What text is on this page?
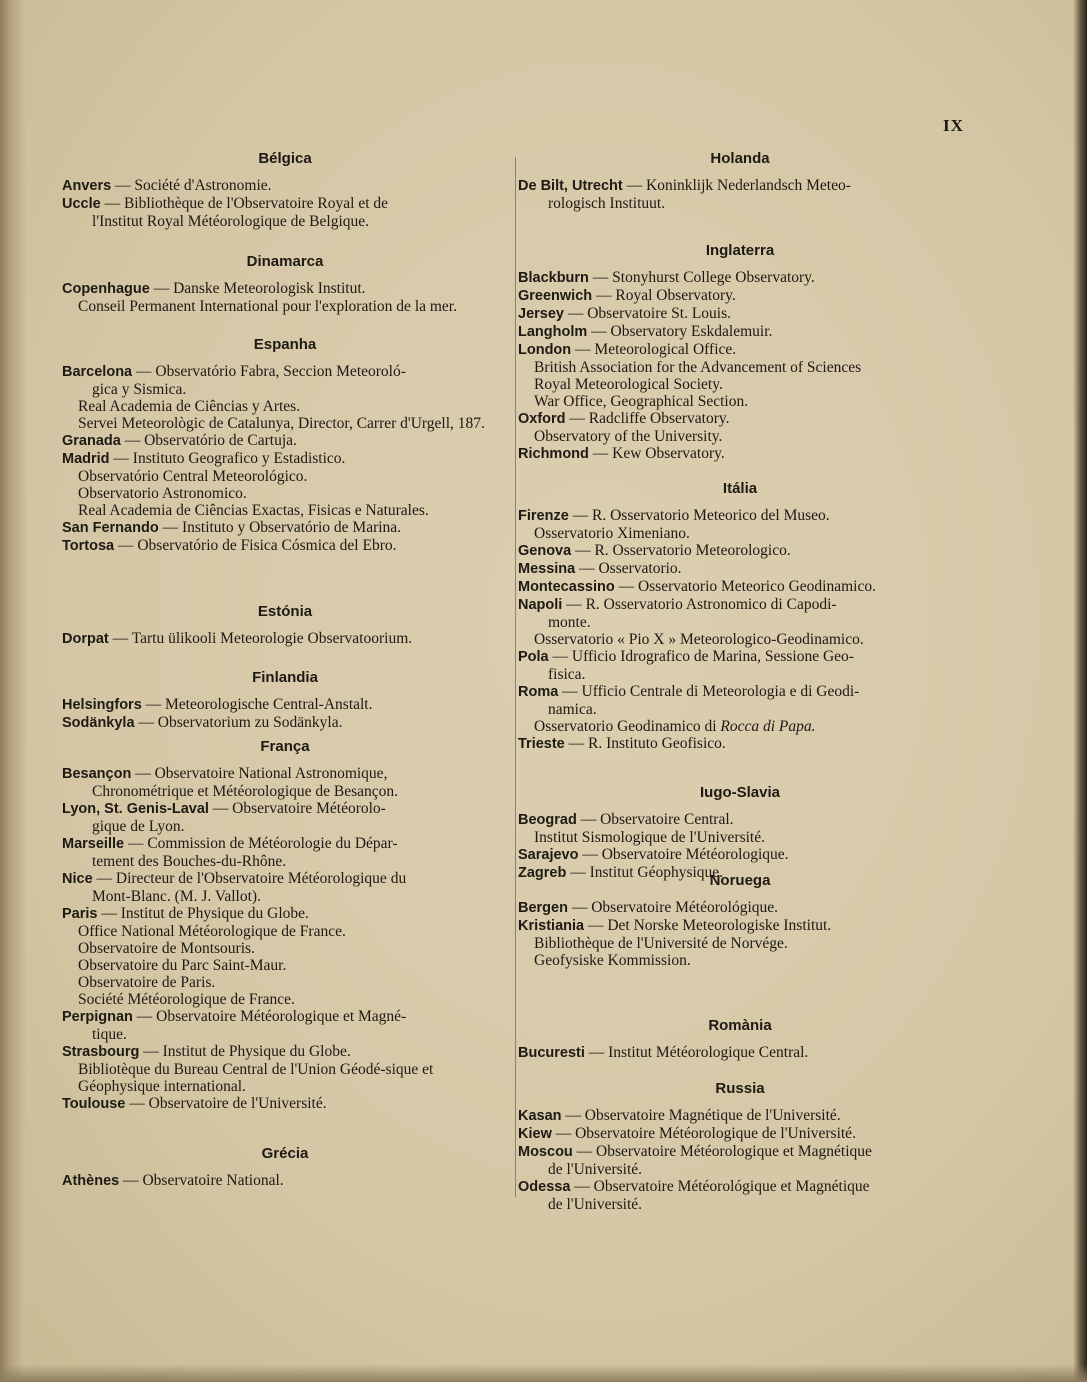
IX
Bélgica
Anvers — Société d'Astronomie.
Uccle — Bibliothèque de l'Observatoire Royal et de
l'Institut Royal Météorologique de Belgique.
Dinamarca
Copenhague — Danske Meteorologisk Institut.
Conseil Permanent International pour l'exploration de la mer.
Espanha
Barcelona — Observatório Fabra, Seccion Meteoroló-
gica y Sismica.
Real Academia de Ciências y Artes.
Servei Meteorològic de Catalunya, Director, Carrer d'Urgell, 187.
Granada — Observatório de Cartuja.
Madrid — Instituto Geografico y Estadistico.
Observatório Central Meteorológico.
Observatorio Astronomico.
Real Academia de Ciências Exactas, Fisicas e Naturales.
San Fernando — Instituto y Observatório de Marina.
Tortosa — Observatório de Fisica Cósmica del Ebro.
Estónia
Dorpat — Tartu ülikooli Meteorologie Observatoorium.
Finlandia
Helsingfors — Meteorologische Central-Anstalt.
Sodänkyla — Observatorium zu Sodänkyla.
França
Besançon — Observatoire National Astronomique,
Chronométrique et Météorologique de Besançon.
Lyon, St. Genis-Laval — Observatoire Météorolo-
gique de Lyon.
Marseille — Commission de Météorologie du Dépar-
tement des Bouches-du-Rhône.
Nice — Directeur de l'Observatoire Météorologique du
Mont-Blanc. (M. J. Vallot).
Paris — Institut de Physique du Globe.
Office National Météorologique de France.
Observatoire de Montsouris.
Observatoire du Parc Saint-Maur.
Observatoire de Paris.
Société Météorologique de France.
Perpignan — Observatoire Météorologique et Magné-
tique.
Strasbourg — Institut de Physique du Globe.
Bibliotèque du Bureau Central de l'Union Géodé-sique et Géophysique international.
Toulouse — Observatoire de l'Université.
Grécia
Athènes — Observatoire National.
Holanda
De Bilt, Utrecht — Koninklijk Nederlandsch Meteo-
rologisch Instituut.
Inglaterra
Blackburn — Stonyhurst College Observatory.
Greenwich — Royal Observatory.
Jersey — Observatoire St. Louis.
Langholm — Observatory Eskdalemuir.
London — Meteorological Office.
British Association for the Advancement of Sciences
Royal Meteorological Society.
War Office, Geographical Section.
Oxford — Radcliffe Observatory.
Observatory of the University.
Richmond — Kew Observatory.
Itália
Firenze — R. Osservatorio Meteorico del Museo.
Osservatorio Ximeniano.
Genova — R. Osservatorio Meteorologico.
Messina — Osservatorio.
Montecassino — Osservatorio Meteorico Geodinamico.
Napoli — R. Osservatorio Astronomico di Capodi-
monte.
Osservatorio « Pio X » Meteorologico-Geodinamico.
Pola — Ufficio Idrografico de Marina, Sessione Geo-
fisica.
Roma — Ufficio Centrale di Meteorologia e di Geodi-
namica.
Osservatorio Geodinamico di Rocca di Papa.
Trieste — R. Instituto Geofisico.
Iugo-Slavia
Beograd — Observatoire Central.
Institut Sismologique de l'Université.
Sarajevo — Observatoire Météorologique.
Zagreb — Institut Géophysique.
Noruega
Bergen — Observatoire Météorológique.
Kristiania — Det Norske Meteorologiske Institut.
Bibliothèque de l'Université de Norvége.
Geofysiske Kommission.
Romània
Bucuresti — Institut Météorologique Central.
Russia
Kasan — Observatoire Magnétique de l'Université.
Kiew — Observatoire Météorologique de l'Université.
Moscou — Observatoire Météorologique et Magnétique
de l'Université.
Odessa — Observatoire Météorológique et Magnétique
de l'Université.
